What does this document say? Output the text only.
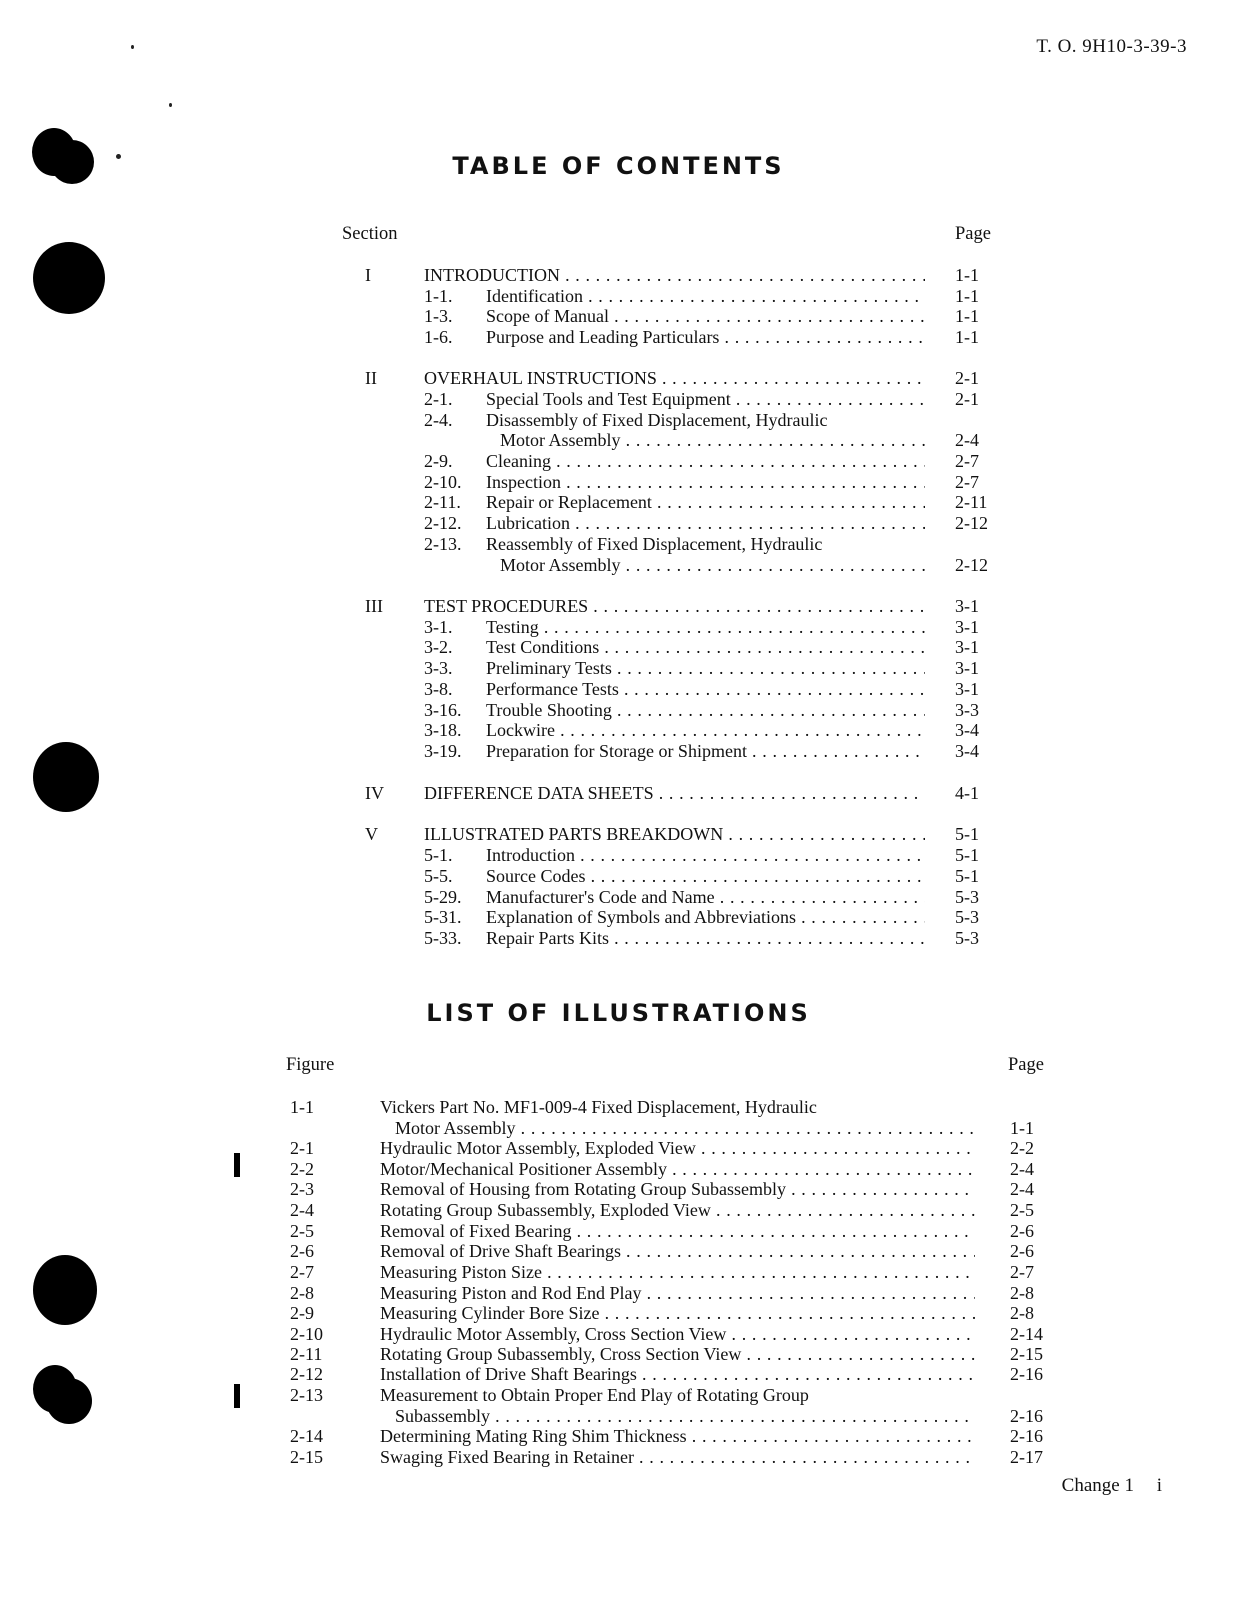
T. O. 9H10-3-39-3
TABLE OF CONTENTS
Section	Page
I	INTRODUCTION . . .	1-1
1-1. Identification . . .	1-1
1-3. Scope of Manual . . .	1-1
1-6. Purpose and Leading Particulars . . .	1-1
II	OVERHAUL INSTRUCTIONS . . .	2-1
2-1. Special Tools and Test Equipment . . .	2-1
2-4. Disassembly of Fixed Displacement, Hydraulic
Motor Assembly . . .	2-4
2-9. Cleaning . . .	2-7
2-10. Inspection . . .	2-7
2-11. Repair or Replacement . . .	2-11
2-12. Lubrication . . .	2-12
2-13. Reassembly of Fixed Displacement, Hydraulic
Motor Assembly . . .	2-12
III TEST PROCEDURES . . .	3-1
3-1. Testing . . .	3-1
3-2. Test Conditions . . .	3-1
3-3. Preliminary Tests . . .	3-1
3-8. Performance Tests . . .	3-1
3-16. Trouble Shooting . . .	3-3
3-18. Lockwire . . .	3-4
3-19. Preparation for Storage or Shipment . . .	3-4
IV DIFFERENCE DATA SHEETS . . .	4-1
V	ILLUSTRATED PARTS BREAKDOWN . . .	5-1
5-1. Introduction . . .	5-1
5-5. Source Codes . . .	5-1
5-29. Manufacturer's Code and Name . . .	5-3
5-31. Explanation of Symbols and Abbreviations . . .	5-3
5-33. Repair Parts Kits . . .	5-3
LIST OF ILLUSTRATIONS
Figure	Page
1-1	Vickers Part No. MF1-009-4 Fixed Displacement, Hydraulic
Motor Assembly . . .	1-1
2-1	Hydraulic Motor Assembly, Exploded View . . .	2-2
2-2	Motor/Mechanical Positioner Assembly . . .	2-4
2-3	Removal of Housing from Rotating Group Subassembly . . .	2-4
2-4	Rotating Group Subassembly, Exploded View . . .	2-5
2-5	Removal of Fixed Bearing . . .	2-6
2-6	Removal of Drive Shaft Bearings . . .	2-6
2-7	Measuring Piston Size . . .	2-7
2-8	Measuring Piston and Rod End Play . . .	2-8
2-9	Measuring Cylinder Bore Size . . .	2-8
2-10	Hydraulic Motor Assembly, Cross Section View . . .	2-14
2-11	Rotating Group Subassembly, Cross Section View . . .	2-15
2-12	Installation of Drive Shaft Bearings . . .	2-16
2-13	Measurement to Obtain Proper End Play of Rotating Group
Subassembly . . .	2-16
2-14	Determining Mating Ring Shim Thickness . . .	2-16
2-15	Swaging Fixed Bearing in Retainer . . .	2-17
Change 1 i
